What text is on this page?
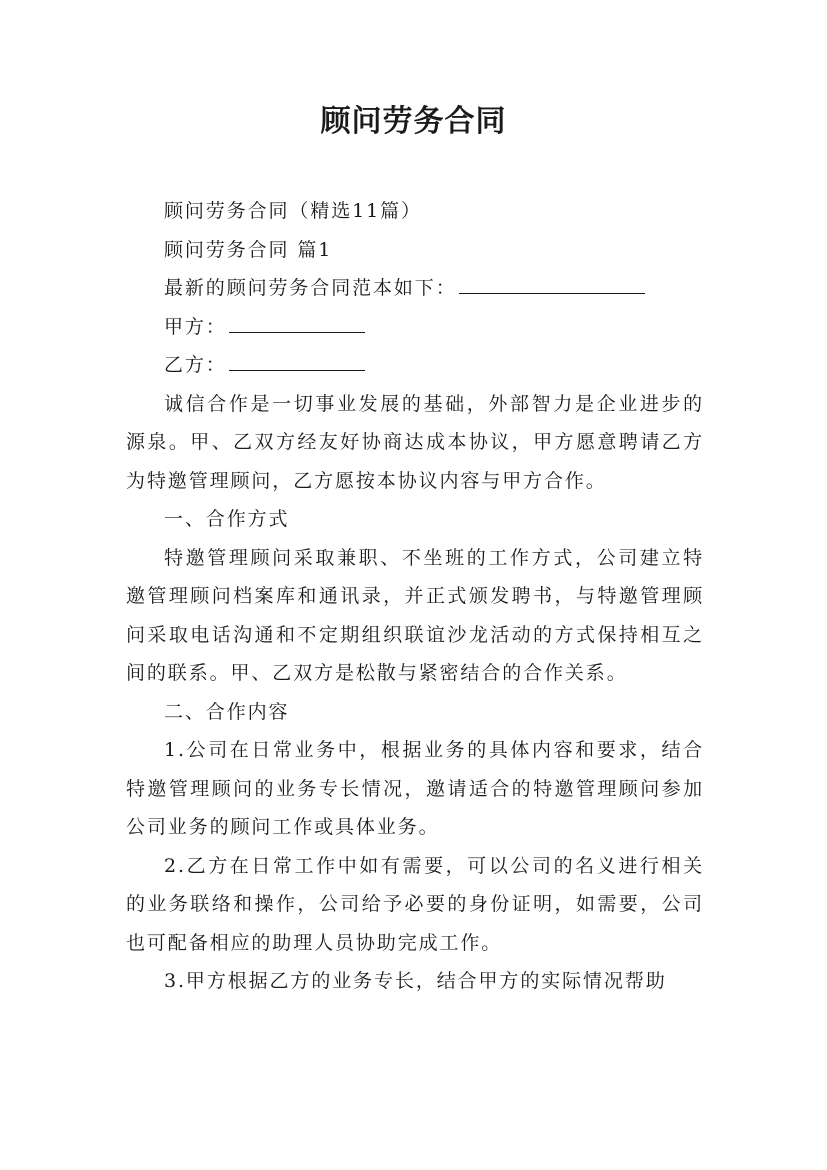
顾问劳务合同

顾问劳务合同（精选11篇）

顾问劳务合同 篇1

最新的顾问劳务合同范本如下：

甲方：

乙方：

诚信合作是一切事业发展的基础，外部智力是企业进步的源泉。甲、乙双方经友好协商达成本协议，甲方愿意聘请乙方为特邀管理顾问，乙方愿按本协议内容与甲方合作。

一、合作方式

特邀管理顾问采取兼职、不坐班的工作方式，公司建立特邀管理顾问档案库和通讯录，并正式颁发聘书，与特邀管理顾问采取电话沟通和不定期组织联谊沙龙活动的方式保持相互之间的联系。甲、乙双方是松散与紧密结合的合作关系。

二、合作内容

1.公司在日常业务中，根据业务的具体内容和要求，结合特邀管理顾问的业务专长情况，邀请适合的特邀管理顾问参加公司业务的顾问工作或具体业务。

2.乙方在日常工作中如有需要，可以公司的名义进行相关的业务联络和操作，公司给予必要的身份证明，如需要，公司也可配备相应的助理人员协助完成工作。

3.甲方根据乙方的业务专长，结合甲方的实际情况帮助
